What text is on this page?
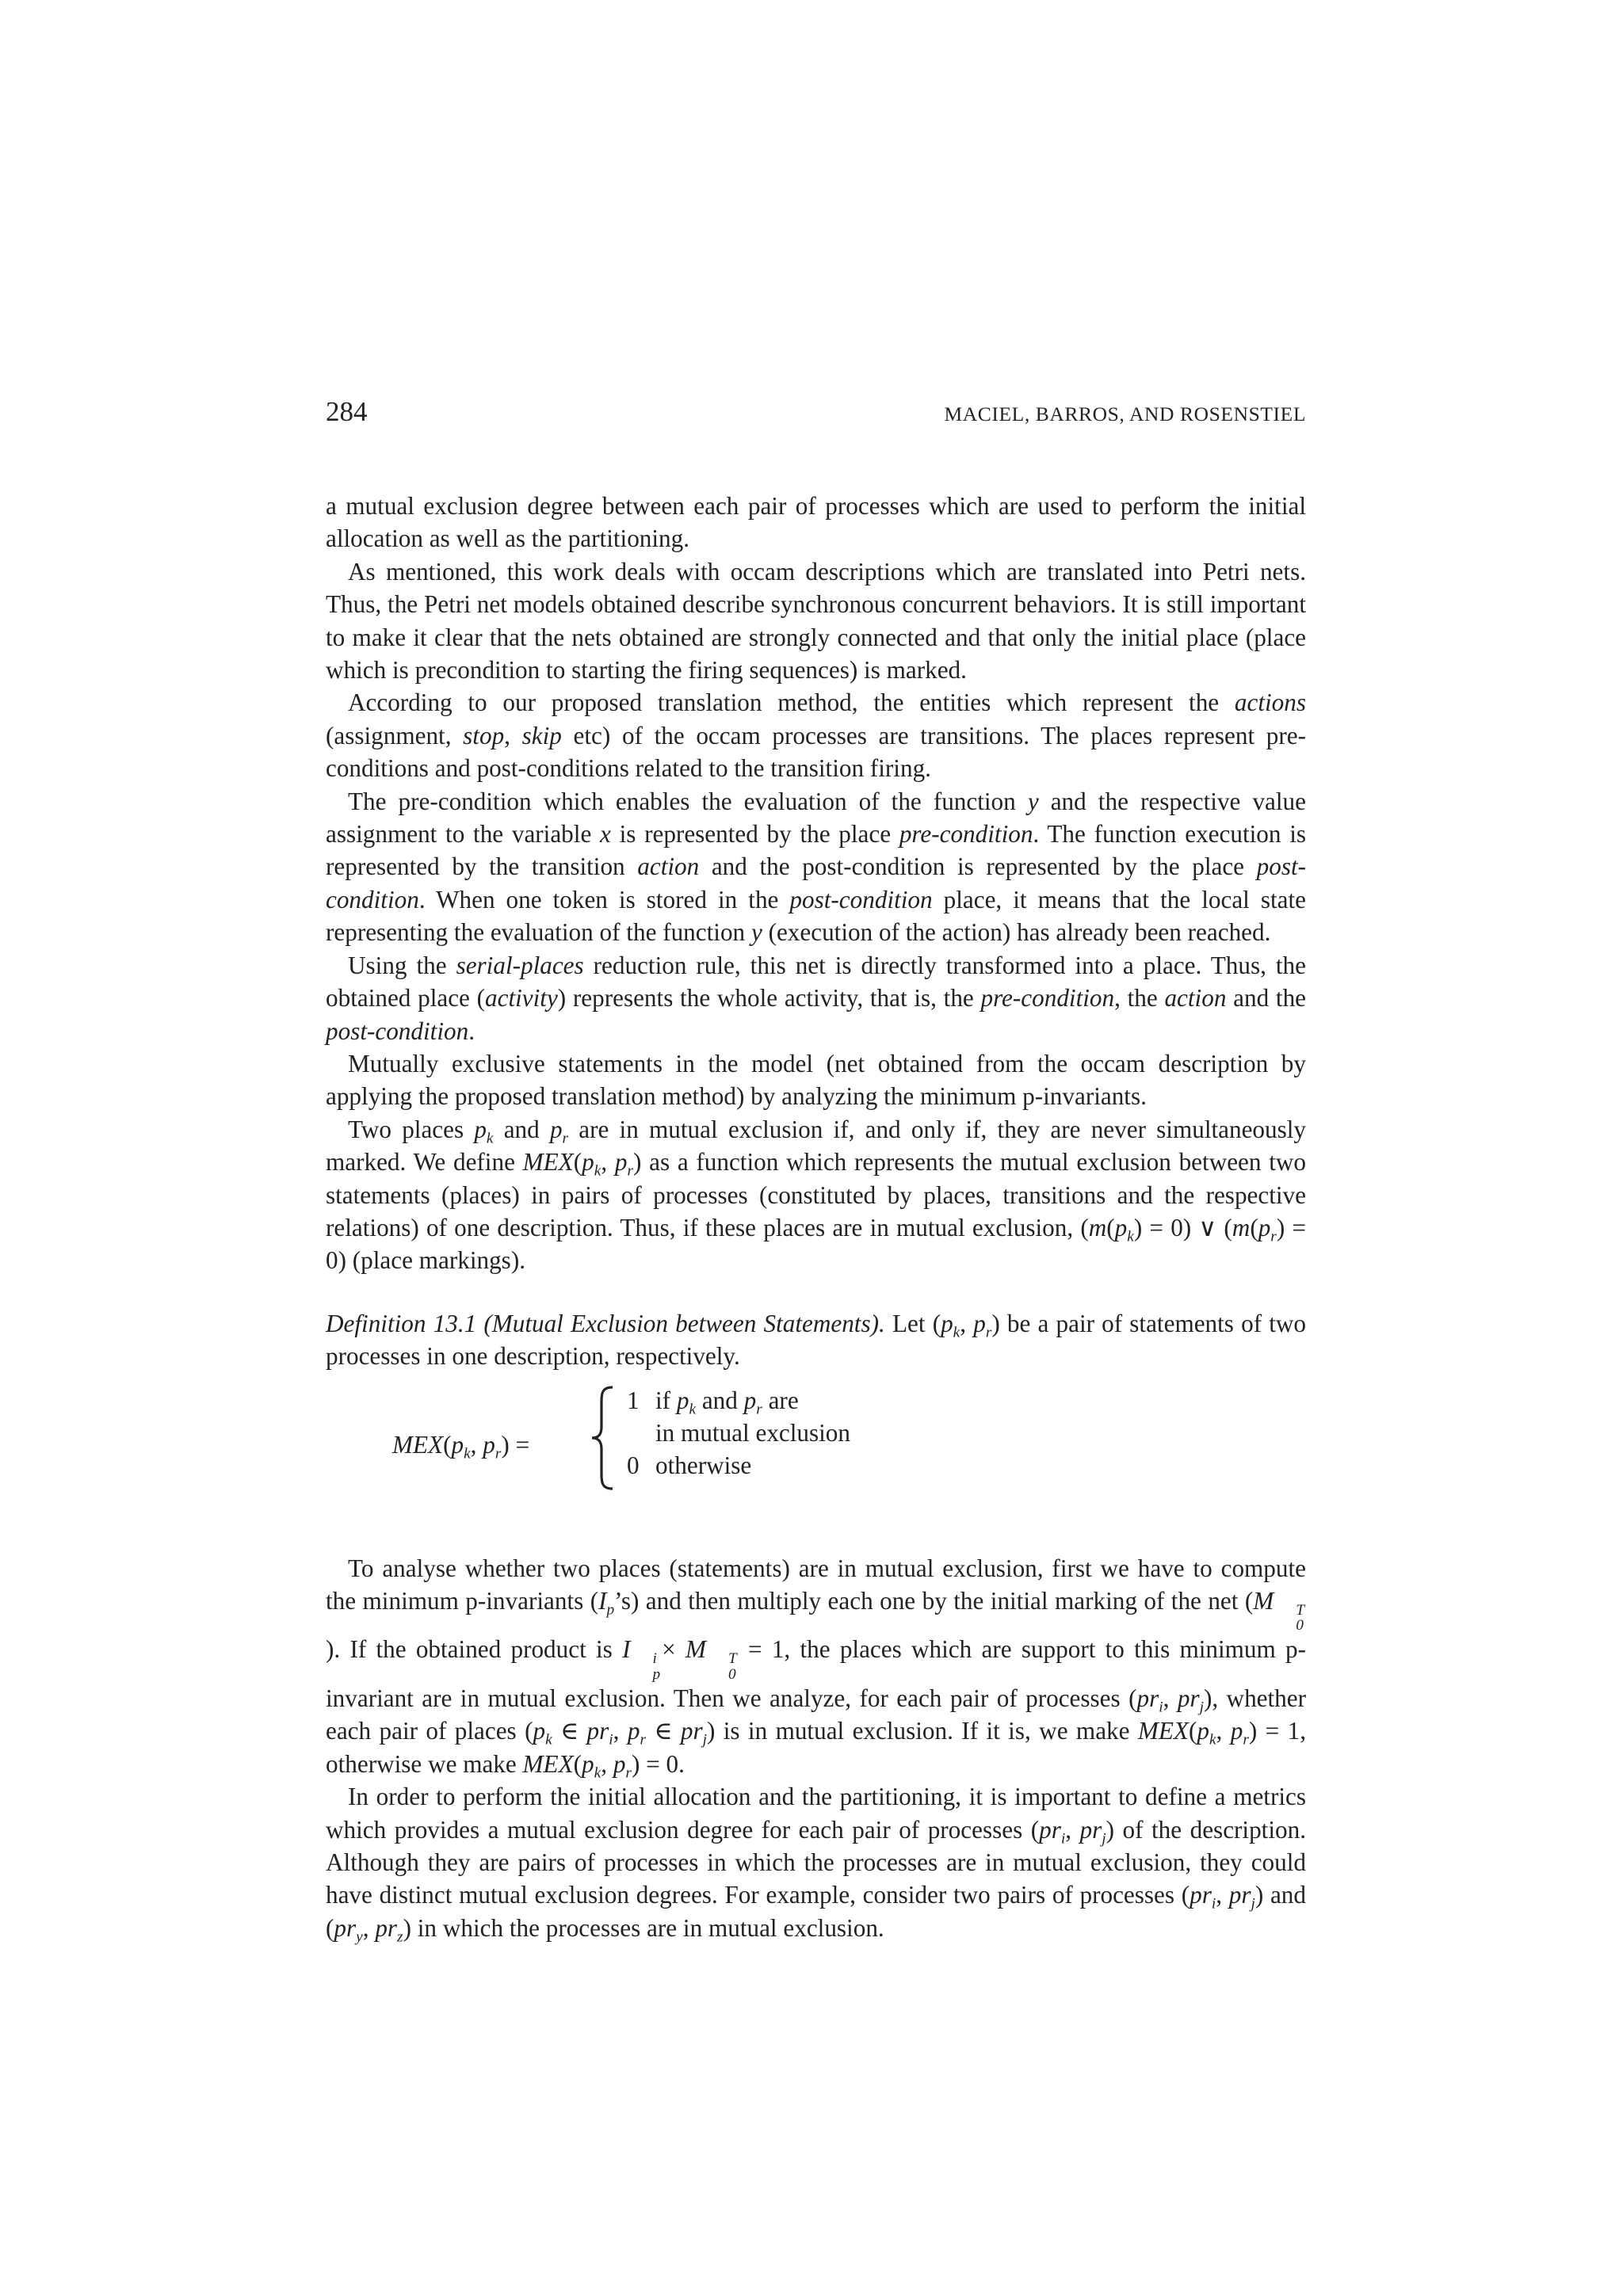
284	MACIEL, BARROS, AND ROSENSTIEL

a mutual exclusion degree between each pair of processes which are used to perform the initial allocation as well as the partitioning.

As mentioned, this work deals with occam descriptions which are translated into Petri nets. Thus, the Petri net models obtained describe synchronous concurrent behaviors. It is still important to make it clear that the nets obtained are strongly connected and that only the initial place (place which is precondition to starting the firing sequences) is marked.

According to our proposed translation method, the entities which represent the actions (assignment, stop, skip etc) of the occam processes are transitions. The places represent pre-conditions and post-conditions related to the transition firing.

The pre-condition which enables the evaluation of the function y and the respective value assignment to the variable x is represented by the place pre-condition. The function execution is represented by the transition action and the post-condition is represented by the place post-condition. When one token is stored in the post-condition place, it means that the local state representing the evaluation of the function y (execution of the action) has already been reached.

Using the serial-places reduction rule, this net is directly transformed into a place. Thus, the obtained place (activity) represents the whole activity, that is, the pre-condition, the action and the post-condition.

Mutually exclusive statements in the model (net obtained from the occam description by applying the proposed translation method) by analyzing the minimum p-invariants.

Two places $p_k$ and $p_r$ are in mutual exclusion if, and only if, they are never simultaneously marked. We define $MEX(p_k$, $p_r$) as a function which represents the mutual exclusion between two statements (places) in pairs of processes (constituted by places, transitions and the respective relations) of one description. Thus, if these places are in mutual exclusion, $(m(p_k) = 0)$ ∨ $(m(p_r) = 0)$ (place markings).

Definition 13.1 (Mutual Exclusion between Statements). Let ($p_k$, $p_r$) be a pair of statements of two processes in one description, respectively.

$MEX(p_k$, $p_r$) =
1 if $p_k$ and $p_r$ are
in mutual exclusion
0 otherwise

To analyse whether two places (statements) are in mutual exclusion, first we have to compute the minimum p-invariants $(I_p’s)$ and then multiply each one by the initial marking of the net (M	T
0
). If the obtained product is I	i
p
× M	T
0
= 1, the places which are support to this minimum p-invariant are in mutual exclusion. Then we analyze, for each pair of processes ($pr_i$, $pr_j$), whether each pair of places ($p_k$ ∈ $pr_i$, $p_r$ ∈ $pr_j$) is in mutual exclusion. If it is, we make $MEX(p_k$, $p_r) = 1$, otherwise we make $MEX(p_k$, $p_r) = 0$.

In order to perform the initial allocation and the partitioning, it is important to define a metrics which provides a mutual exclusion degree for each pair of processes ($pr_i$, $pr_j$) of the description. Although they are pairs of processes in which the processes are in mutual exclusion, they could have distinct mutual exclusion degrees. For example, consider two pairs of processes ($pr_i$, $pr_j$) and ($pr_y$, $pr_z$) in which the processes are in mutual exclusion.
